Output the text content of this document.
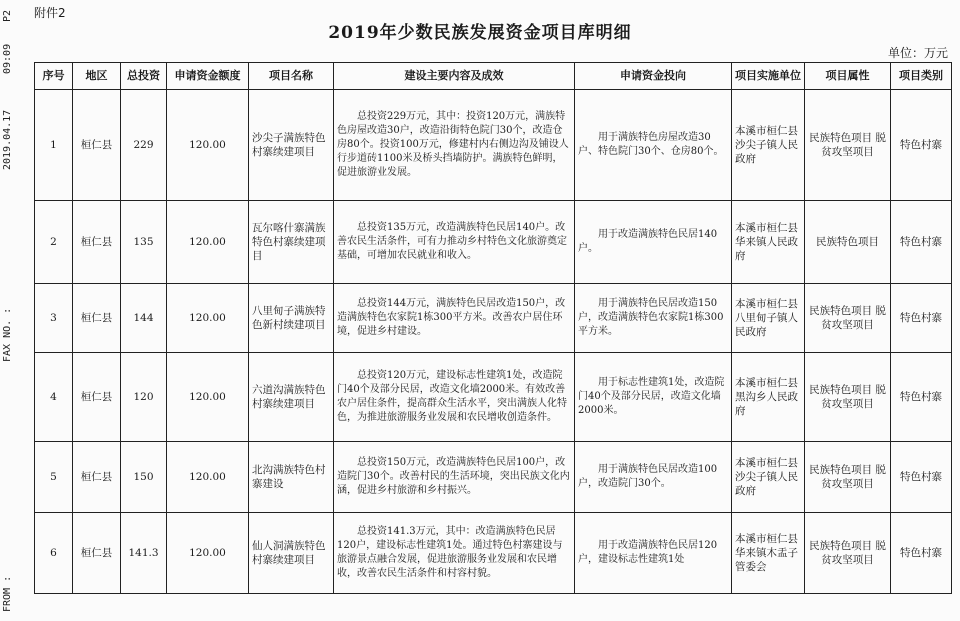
P2
09:09
2019.04.17
FAX NO. :
FROM :
附件2
2019年少数民族发展资金项目库明细
单位：万元
序号	地区	总投资	申请资金额度	项目名称	建设主要内容及成效	申请资金投向	项目实施单位	项目属性	项目类别
1	桓仁县	229	120.00	沙尖子满族特色村寨续建项目	总投资229万元，其中：投资120万元，满族特色房屋改造30户，改造沿街特色院门30个，改造仓房80个。投资100万元，修建村内右侧边沟及铺设人行步道砖1100米及桥头挡墙防护。满族特色鲜明，促进旅游业发展。	用于满族特色房屋改造30户、特色院门30个、仓房80个。	本溪市桓仁县沙尖子镇人民政府	民族特色项目 脱贫攻坚项目	特色村寨
2	桓仁县	135	120.00	瓦尔喀什寨满族特色村寨续建项目	总投资135万元，改造满族特色民居140户。改善农民生活条件，可有力推动乡村特色文化旅游奠定基础，可增加农民就业和收入。	用于改造满族特色民居140户。	本溪市桓仁县华来镇人民政府	民族特色项目	特色村寨
3	桓仁县	144	120.00	八里甸子满族特色新村续建项目	总投资144万元，满族特色民居改造150户，改造满族特色农家院1栋300平方米。改善农户居住环境，促进乡村建设。	用于满族特色民居改造150户，改造满族特色农家院1栋300平方米。	本溪市桓仁县八里甸子镇人民政府	民族特色项目 脱贫攻坚项目	特色村寨
4	桓仁县	120	120.00	六道沟满族特色村寨续建项目	总投资120万元，建设标志性建筑1处，改造院门40个及部分民居，改造文化墙2000米。有效改善农户居住条件，提高群众生活水平，突出满族人化特色，为推进旅游服务业发展和农民增收创造条件。	用于标志性建筑1处，改造院门40个及部分民居，改造文化墙2000米。	本溪市桓仁县黑沟乡人民政府	民族特色项目 脱贫攻坚项目	特色村寨
5	桓仁县	150	120.00	北沟满族特色村寨建设	总投资150万元，改造满族特色民居100户，改造院门30个。改善村民的生活环境，突出民族文化内涵，促进乡村旅游和乡村振兴。	用于满族特色民居改造100户，改造院门30个。	本溪市桓仁县沙尖子镇人民政府	民族特色项目 脱贫攻坚项目	特色村寨
6	桓仁县	141.3	120.00	仙人洞满族特色村寨续建项目	总投资141.3万元，其中：改造满族特色民居120户，建设标志性建筑1处。通过特色村寨建设与旅游景点融合发展，促进旅游服务业发展和农民增收，改善农民生活条件和村容村貌。	用于改造满族特色民居120户，建设标志性建筑1处	本溪市桓仁县华来镇木盂子管委会	民族特色项目 脱贫攻坚项目	特色村寨
